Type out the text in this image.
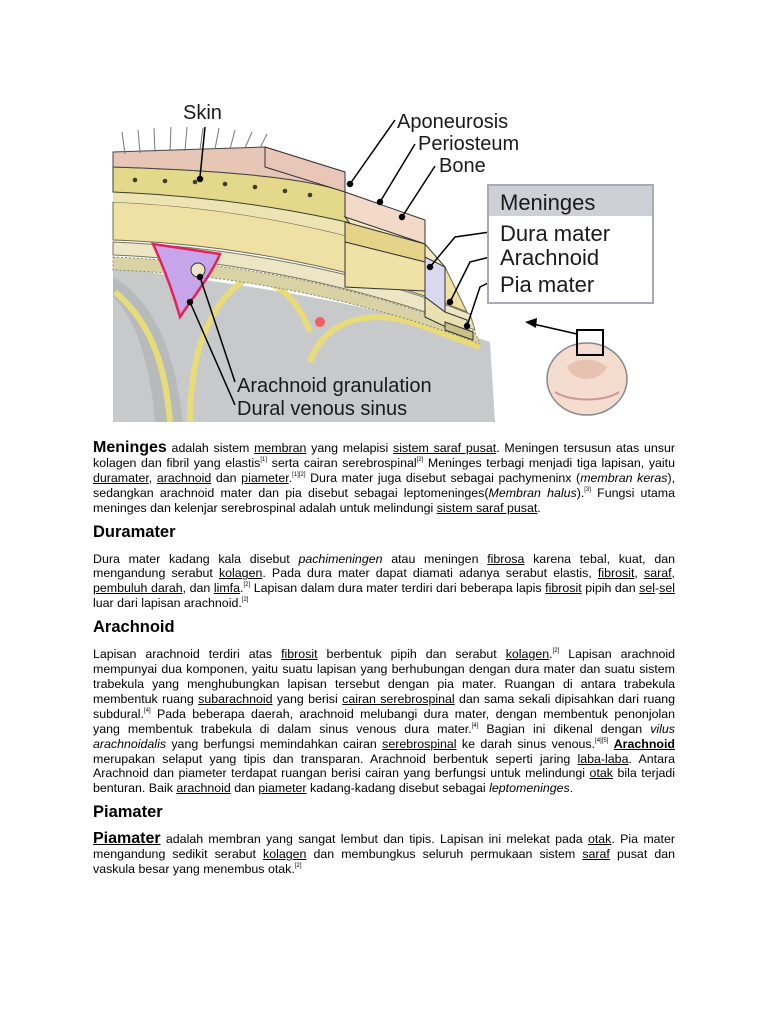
Skin	Aponeurosis
Periosteum
Bone
Arachnoid granulation
Dural venous sinus
Meninges
Dura mater
Arachnoid
Pia mater

Meninges adalah sistem membran yang melapisi sistem saraf pusat. Meningen tersusun atas unsur kolagen dan fibril yang elastis[1] serta cairan serebrospinal[2] Meninges terbagi menjadi tiga lapisan, yaitu duramater, arachnoid dan piameter.[1][2] Dura mater juga disebut sebagai pachymeninx (membran keras), sedangkan arachnoid mater dan pia disebut sebagai leptomeninges(Membran halus).[3] Fungsi utama meninges dan kelenjar serebrospinal adalah untuk melindungi sistem saraf pusat.

Duramater

Dura mater kadang kala disebut pachimeningen atau meningen fibrosa karena tebal, kuat, dan mengandung serabut kolagen. Pada dura mater dapat diamati adanya serabut elastis, fibrosit, saraf, pembuluh darah, dan limfa.[2] Lapisan dalam dura mater terdiri dari beberapa lapis fibrosit pipih dan sel-sel luar dari lapisan arachnoid.[2]

Arachnoid

Lapisan arachnoid terdiri atas fibrosit berbentuk pipih dan serabut kolagen.[2] Lapisan arachnoid mempunyai dua komponen, yaitu suatu lapisan yang berhubungan dengan dura mater dan suatu sistem trabekula yang menghubungkan lapisan tersebut dengan pia mater. Ruangan di antara trabekula membentuk ruang subarachnoid yang berisi cairan serebrospinal dan sama sekali dipisahkan dari ruang subdural.[4] Pada beberapa daerah, arachnoid melubangi dura mater, dengan membentuk penonjolan yang membentuk trabekula di dalam sinus venous dura mater.[4] Bagian ini dikenal dengan vilus arachnoidalis yang berfungsi memindahkan cairan serebrospinal ke darah sinus venous.[4][5] Arachnoid merupakan selaput yang tipis dan transparan. Arachnoid berbentuk seperti jaring laba-laba. Antara Arachnoid dan piameter terdapat ruangan berisi cairan yang berfungsi untuk melindungi otak bila terjadi benturan. Baik arachnoid dan piameter kadang-kadang disebut sebagai leptomeninges.

Piamater

Piamater adalah membran yang sangat lembut dan tipis. Lapisan ini melekat pada otak. Pia mater mengandung sedikit serabut kolagen dan membungkus seluruh permukaan sistem saraf pusat dan vaskula besar yang menembus otak.[2]
